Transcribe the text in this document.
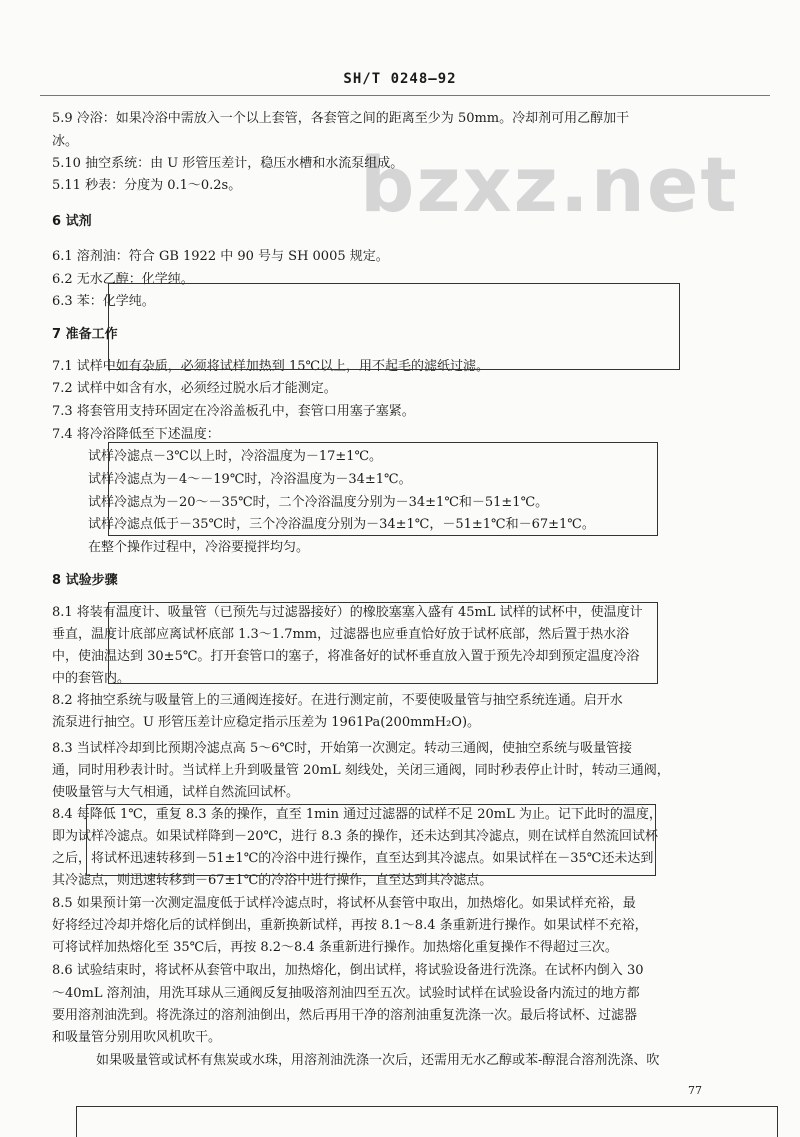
SH/T 0248—92
bzxz.net
5.9 冷浴：如果冷浴中需放入一个以上套管，各套管之间的距离至少为 50mm。冷却剂可用乙醇加干
冰。
5.10 抽空系统：由 U 形管压差计，稳压水槽和水流泵组成。
5.11 秒表：分度为 0.1～0.2s。
6 试剂
6.1 溶剂油：符合 GB 1922 中 90 号与 SH 0005 规定。
6.2 无水乙醇：化学纯。
6.3 苯：化学纯。
7 准备工作
7.1 试样中如有杂质，必须将试样加热到 15℃以上，用不起毛的滤纸过滤。
7.2 试样中如含有水，必须经过脱水后才能测定。
7.3 将套管用支持环固定在冷浴盖板孔中，套管口用塞子塞紧。
7.4 将冷浴降低至下述温度：
试样冷滤点－3℃以上时，冷浴温度为－17±1℃。
试样冷滤点为－4～－19℃时，冷浴温度为－34±1℃。
试样冷滤点为－20～－35℃时，二个冷浴温度分别为－34±1℃和－51±1℃。
试样冷滤点低于－35℃时，三个冷浴温度分别为－34±1℃，－51±1℃和－67±1℃。
在整个操作过程中，冷浴要搅拌均匀。
8 试验步骤
8.1 将装有温度计、吸量管（已预先与过滤器接好）的橡胶塞塞入盛有 45mL 试样的试杯中，使温度计
垂直，温度计底部应离试杯底部 1.3～1.7mm，过滤器也应垂直恰好放于试杯底部，然后置于热水浴
中，使油温达到 30±5℃。打开套管口的塞子，将准备好的试杯垂直放入置于预先冷却到预定温度冷浴
中的套管内。
8.2 将抽空系统与吸量管上的三通阀连接好。在进行测定前，不要使吸量管与抽空系统连通。启开水
流泵进行抽空。U 形管压差计应稳定指示压差为 1961Pa(200mmH₂O)。
8.3 当试样冷却到比预期冷滤点高 5～6℃时，开始第一次测定。转动三通阀，使抽空系统与吸量管接
通，同时用秒表计时。当试样上升到吸量管 20mL 刻线处，关闭三通阀，同时秒表停止计时，转动三通阀，
使吸量管与大气相通，试样自然流回试杯。
8.4 每降低 1℃，重复 8.3 条的操作，直至 1min 通过过滤器的试样不足 20mL 为止。记下此时的温度，
即为试样冷滤点。如果试样降到－20℃，进行 8.3 条的操作，还未达到其冷滤点，则在试样自然流回试杯
之后，将试杯迅速转移到－51±1℃的冷浴中进行操作，直至达到其冷滤点。如果试样在－35℃还未达到
其冷滤点，则迅速转移到－67±1℃的冷浴中进行操作，直至达到其冷滤点。
8.5 如果预计第一次测定温度低于试样冷滤点时，将试杯从套管中取出，加热熔化。如果试样充裕，最
好将经过冷却并熔化后的试样倒出，重新换新试样，再按 8.1～8.4 条重新进行操作。如果试样不充裕，
可将试样加热熔化至 35℃后，再按 8.2～8.4 条重新进行操作。加热熔化重复操作不得超过三次。
8.6 试验结束时，将试杯从套管中取出，加热熔化，倒出试样，将试验设备进行洗涤。在试杯内倒入 30
～40mL 溶剂油，用洗耳球从三通阀反复抽吸溶剂油四至五次。试验时试样在试验设备内流过的地方都
要用溶剂油洗到。将洗涤过的溶剂油倒出，然后再用干净的溶剂油重复洗涤一次。最后将试杯、过滤器
和吸量管分别用吹风机吹干。
如果吸量管或试杯有焦炭或水珠，用溶剂油洗涤一次后，还需用无水乙醇或苯-醇混合溶剂洗涤、吹
77
